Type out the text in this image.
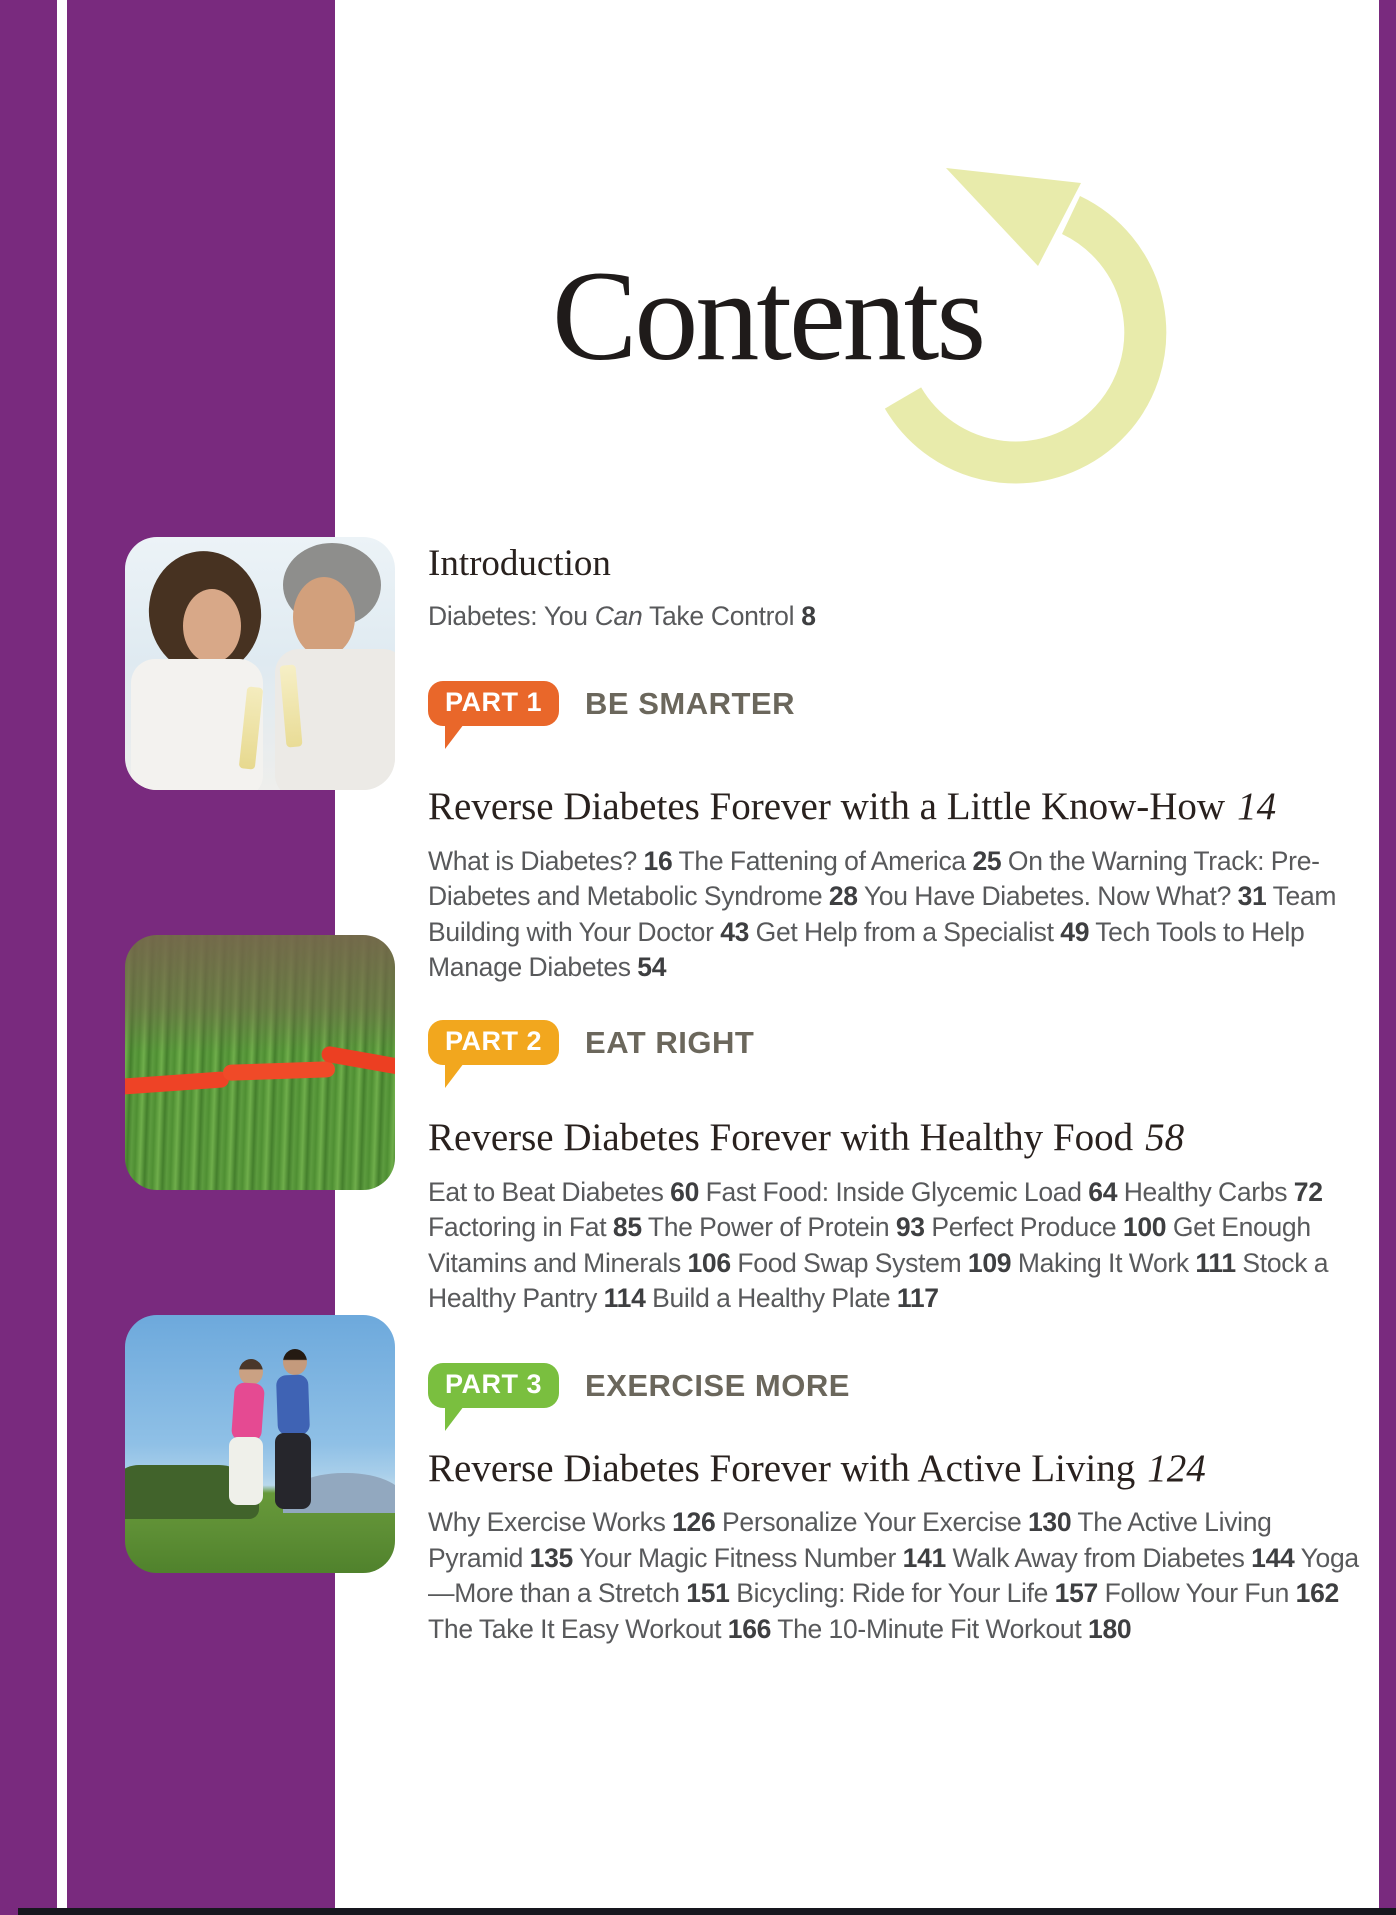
Contents
Introduction

Diabetes: You Can Take Control 8

PART 1 BE SMARTER
Reverse Diabetes Forever with a Little Know-How 14

What is Diabetes? 16 The Fattening of America 25 On the Warning Track: Pre-Diabetes and Metabolic Syndrome 28 You Have Diabetes. Now What? 31 Team Building with Your Doctor 43 Get Help from a Specialist 49 Tech Tools to Help Manage Diabetes 54

PART 2 EAT RIGHT
Reverse Diabetes Forever with Healthy Food 58

Eat to Beat Diabetes 60 Fast Food: Inside Glycemic Load 64 Healthy Carbs 72 Factoring in Fat 85 The Power of Protein 93 Perfect Produce 100 Get Enough Vitamins and Minerals 106 Food Swap System 109 Making It Work 111 Stock a Healthy Pantry 114 Build a Healthy Plate 117

PART 3 EXERCISE MORE
Reverse Diabetes Forever with Active Living 124

Why Exercise Works 126 Personalize Your Exercise 130 The Active Living Pyramid 135 Your Magic Fitness Number 141 Walk Away from Diabetes 144 Yoga—More than a Stretch 151 Bicycling: Ride for Your Life 157 Follow Your Fun 162 The Take It Easy Workout 166 The 10-Minute Fit Workout 180
